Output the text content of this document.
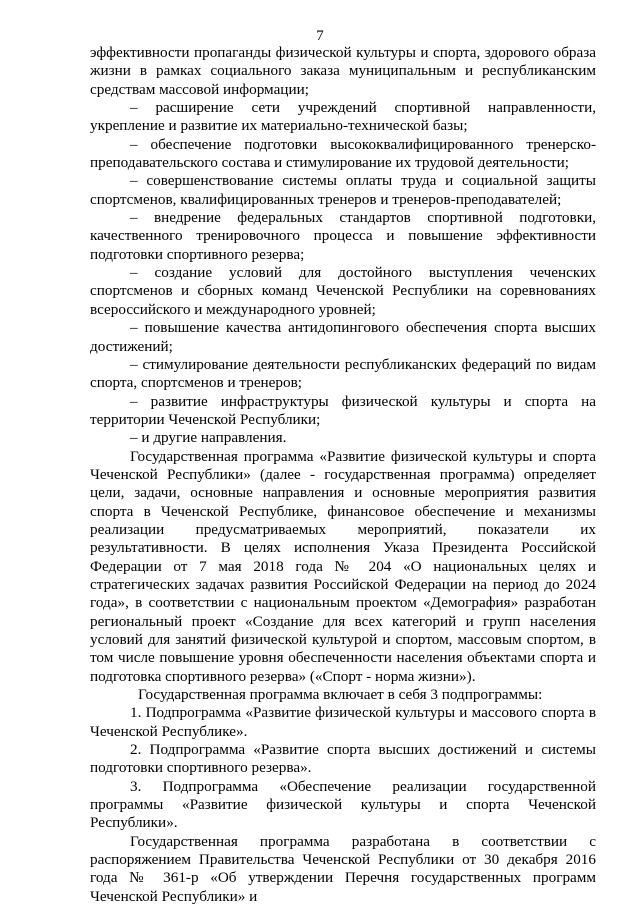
7

эффективности пропаганды физической культуры и спорта, здорового образа жизни в рамках социального заказа муниципальным и республиканским средствам массовой информации;

– расширение сети учреждений спортивной направленности, укрепление и развитие их материально-технической базы;

– обеспечение подготовки высококвалифицированного тренерско-преподавательского состава и стимулирование их трудовой деятельности;

– совершенствование системы оплаты труда и социальной защиты спортсменов, квалифицированных тренеров и тренеров-преподавателей;

– внедрение федеральных стандартов спортивной подготовки, качественного тренировочного процесса и повышение эффективности подготовки спортивного резерва;

– создание условий для достойного выступления чеченских спортсменов и сборных команд Чеченской Республики на соревнованиях всероссийского и международного уровней;

– повышение качества антидопингового обеспечения спорта высших достижений;

– стимулирование деятельности республиканских федераций по видам спорта, спортсменов и тренеров;

– развитие инфраструктуры физической культуры и спорта на территории Чеченской Республики;

– и другие направления.

Государственная программа «Развитие физической культуры и спорта Чеченской Республики» (далее - государственная программа) определяет цели, задачи, основные направления и основные мероприятия развития спорта в Чеченской Республике, финансовое обеспечение и механизмы реализации предусматриваемых мероприятий, показатели их результативности. В целях исполнения Указа Президента Российской Федерации от 7 мая 2018 года № 204 «О национальных целях и стратегических задачах развития Российской Федерации на период до 2024 года», в соответствии с национальным проектом «Демография» разработан региональный проект «Создание для всех категорий и групп населения условий для занятий физической культурой и спортом, массовым спортом, в том числе повышение уровня обеспеченности населения объектами спорта и подготовка спортивного резерва» («Спорт - норма жизни»).

Государственная программа включает в себя 3 подпрограммы:

1. Подпрограмма «Развитие физической культуры и массового спорта в Чеченской Республике».

2. Подпрограмма «Развитие спорта высших достижений и системы подготовки спортивного резерва».

3. Подпрограмма «Обеспечение реализации государственной программы «Развитие физической культуры и спорта Чеченской Республики».

Государственная программа разработана в соответствии с распоряжением Правительства Чеченской Республики от 30 декабря 2016 года № 361-р «Об утверждении Перечня государственных программ Чеченской Республики» и
